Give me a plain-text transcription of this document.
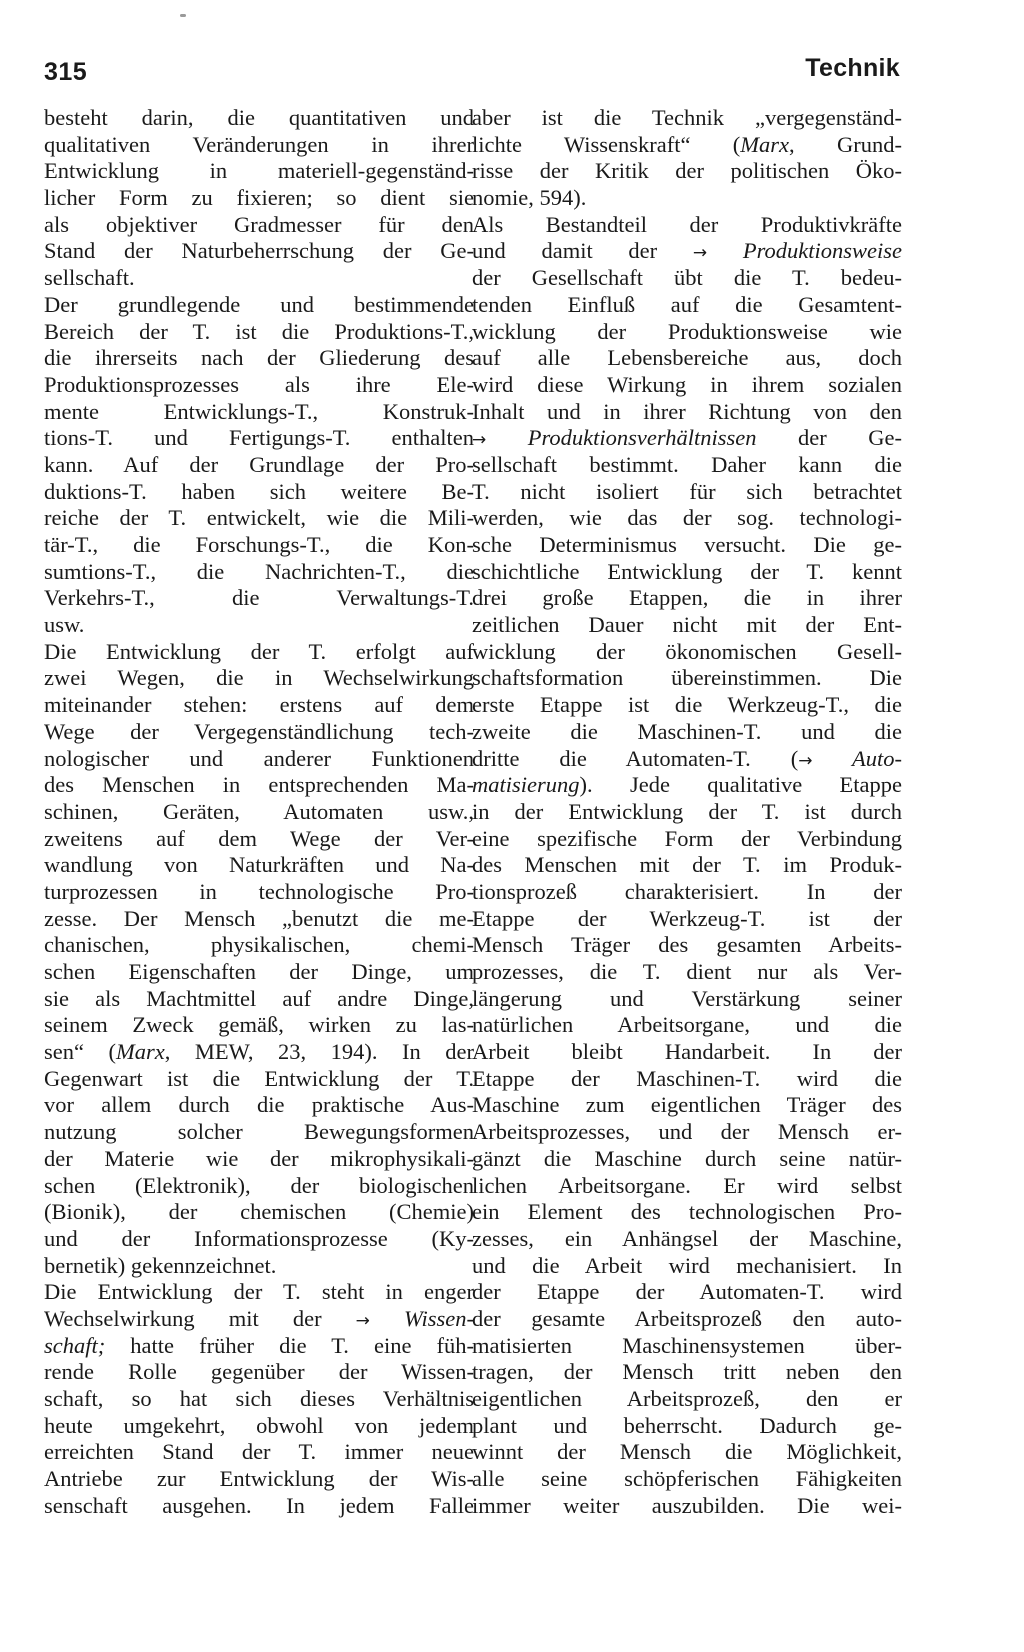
315	Technik
besteht darin, die quantitativen und
qualitativen Veränderungen in ihrer
Entwicklung in materiell-gegenständ-
licher Form zu fixieren; so dient sie
als objektiver Gradmesser für den
Stand der Naturbeherrschung der Ge-
sellschaft.
Der grundlegende und bestimmende
Bereich der T. ist die Produktions-T.,
die ihrerseits nach der Gliederung des
Produktionsprozesses als ihre Ele-
mente Entwicklungs-T., Konstruk-
tions-T. und Fertigungs-T. enthalten
kann. Auf der Grundlage der Pro-
duktions-T. haben sich weitere Be-
reiche der T. entwickelt, wie die Mili-
tär-T., die Forschungs-T., die Kon-
sumtions-T., die Nachrichten-T., die
Verkehrs-T., die Verwaltungs-T.
usw.
Die Entwicklung der T. erfolgt auf
zwei Wegen, die in Wechselwirkung
miteinander stehen: erstens auf dem
Wege der Vergegenständlichung tech-
nologischer und anderer Funktionen
des Menschen in entsprechenden Ma-
schinen, Geräten, Automaten usw.,
zweitens auf dem Wege der Ver-
wandlung von Naturkräften und Na-
turprozessen in technologische Pro-
zesse. Der Mensch „benutzt die me-
chanischen, physikalischen, chemi-
schen Eigenschaften der Dinge, um
sie als Machtmittel auf andre Dinge,
seinem Zweck gemäß, wirken zu las-
sen“ (Marx, MEW, 23, 194). In der
Gegenwart ist die Entwicklung der T.
vor allem durch die praktische Aus-
nutzung solcher Bewegungsformen
der Materie wie der mikrophysikali-
schen (Elektronik), der biologischen
(Bionik), der chemischen (Chemie)
und der Informationsprozesse (Ky-
bernetik) gekennzeichnet.
Die Entwicklung der T. steht in enger
Wechselwirkung mit der → Wissen-
schaft; hatte früher die T. eine füh-
rende Rolle gegenüber der Wissen-
schaft, so hat sich dieses Verhältnis
heute umgekehrt, obwohl von jedem
erreichten Stand der T. immer neue
Antriebe zur Entwicklung der Wis-
senschaft ausgehen. In jedem Falle
aber ist die Technik „vergegenständ-
lichte Wissenskraft“ (Marx, Grund-
risse der Kritik der politischen Öko-
nomie, 594).
Als Bestandteil der Produktivkräfte
und damit der → Produktionsweise
der Gesellschaft übt die T. bedeu-
tenden Einfluß auf die Gesamtent-
wicklung der Produktionsweise wie
auf alle Lebensbereiche aus, doch
wird diese Wirkung in ihrem sozialen
Inhalt und in ihrer Richtung von den
→ Produktionsverhältnissen der Ge-
sellschaft bestimmt. Daher kann die
T. nicht isoliert für sich betrachtet
werden, wie das der sog. technologi-
sche Determinismus versucht. Die ge-
schichtliche Entwicklung der T. kennt
drei große Etappen, die in ihrer
zeitlichen Dauer nicht mit der Ent-
wicklung der ökonomischen Gesell-
schaftsformation übereinstimmen. Die
erste Etappe ist die Werkzeug-T., die
zweite die Maschinen-T. und die
dritte die Automaten-T. (→ Auto-
matisierung). Jede qualitative Etappe
in der Entwicklung der T. ist durch
eine spezifische Form der Verbindung
des Menschen mit der T. im Produk-
tionsprozeß charakterisiert. In der
Etappe der Werkzeug-T. ist der
Mensch Träger des gesamten Arbeits-
prozesses, die T. dient nur als Ver-
längerung und Verstärkung seiner
natürlichen Arbeitsorgane, und die
Arbeit bleibt Handarbeit. In der
Etappe der Maschinen-T. wird die
Maschine zum eigentlichen Träger des
Arbeitsprozesses, und der Mensch er-
gänzt die Maschine durch seine natür-
lichen Arbeitsorgane. Er wird selbst
ein Element des technologischen Pro-
zesses, ein Anhängsel der Maschine,
und die Arbeit wird mechanisiert. In
der Etappe der Automaten-T. wird
der gesamte Arbeitsprozeß den auto-
matisierten Maschinensystemen über-
tragen, der Mensch tritt neben den
eigentlichen Arbeitsprozeß, den er
plant und beherrscht. Dadurch ge-
winnt der Mensch die Möglichkeit,
alle seine schöpferischen Fähigkeiten
immer weiter auszubilden. Die wei-
